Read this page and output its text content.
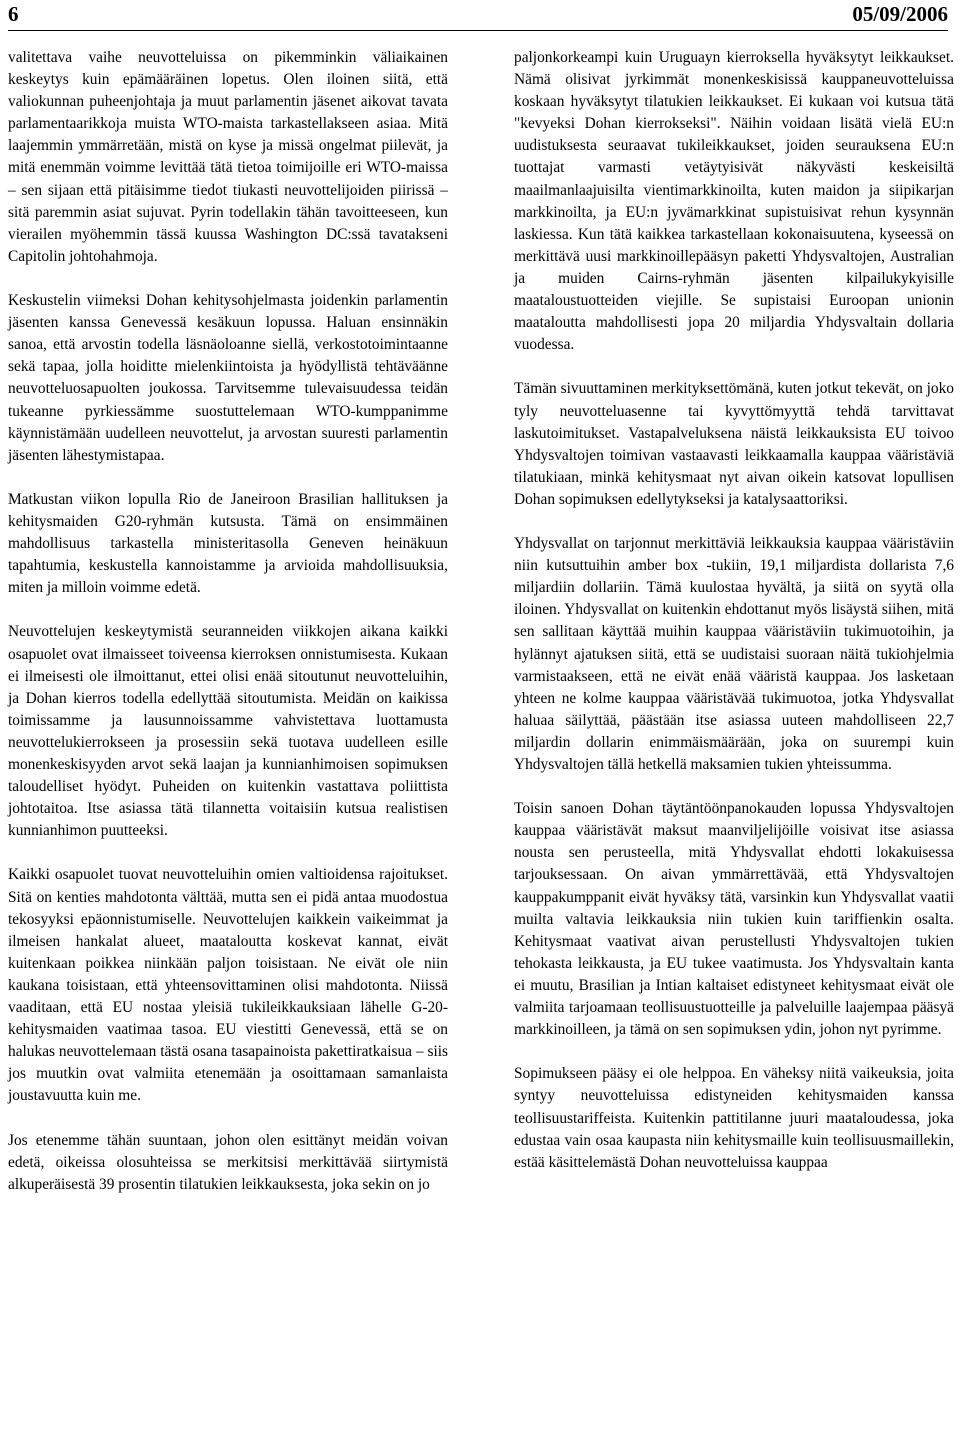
6	05/09/2006

valitettava vaihe neuvotteluissa on pikemminkin väliaikainen keskeytys kuin epämääräinen lopetus. Olen iloinen siitä, että valiokunnan puheenjohtaja ja muut parlamentin jäsenet aikovat tavata parlamentaarikkoja muista WTO-maista tarkastellakseen asiaa. Mitä laajemmin ymmärretään, mistä on kyse ja missä ongelmat piilevät, ja mitä enemmän voimme levittää tätä tietoa toimijoille eri WTO-maissa – sen sijaan että pitäisimme tiedot tiukasti neuvottelijoiden piirissä – sitä paremmin asiat sujuvat. Pyrin todellakin tähän tavoitteeseen, kun vierailen myöhemmin tässä kuussa Washington DC:ssä tavatakseni Capitolin johtohahmoja.

Keskustelin viimeksi Dohan kehitysohjelmasta joidenkin parlamentin jäsenten kanssa Genevessä kesäkuun lopussa. Haluan ensinnäkin sanoa, että arvostin todella läsnäoloanne siellä, verkostotoimintaanne sekä tapaa, jolla hoiditte mielenkiintoista ja hyödyllistä tehtäväänne neuvotteluosapuolten joukossa. Tarvitsemme tulevaisuudessa teidän tukeanne pyrkiessämme suostuttelemaan WTO-kumppanimme käynnistämään uudelleen neuvottelut, ja arvostan suuresti parlamentin jäsenten lähestymistapaa.

Matkustan viikon lopulla Rio de Janeiroon Brasilian hallituksen ja kehitysmaiden G20-ryhmän kutsusta. Tämä on ensimmäinen mahdollisuus tarkastella ministeritasolla Geneven heinäkuun tapahtumia, keskustella kannoistamme ja arvioida mahdollisuuksia, miten ja milloin voimme edetä.

Neuvottelujen keskeytymistä seuranneiden viikkojen aikana kaikki osapuolet ovat ilmaisseet toiveensa kierroksen onnistumisesta. Kukaan ei ilmeisesti ole ilmoittanut, ettei olisi enää sitoutunut neuvotteluihin, ja Dohan kierros todella edellyttää sitoutumista. Meidän on kaikissa toimissamme ja lausunnoissamme vahvistettava luottamusta neuvottelukierrokseen ja prosessiin sekä tuotava uudelleen esille monenkeskisyyden arvot sekä laajan ja kunnianhimoisen sopimuksen taloudelliset hyödyt. Puheiden on kuitenkin vastattava poliittista johtotaitoa. Itse asiassa tätä tilannetta voitaisiin kutsua realistisen kunnianhimon puutteeksi.

Kaikki osapuolet tuovat neuvotteluihin omien valtioidensa rajoitukset. Sitä on kenties mahdotonta välttää, mutta sen ei pidä antaa muodostua tekosyyksi epäonnistumiselle. Neuvottelujen kaikkein vaikeimmat ja ilmeisen hankalat alueet, maataloutta koskevat kannat, eivät kuitenkaan poikkea niinkään paljon toisistaan. Ne eivät ole niin kaukana toisistaan, että yhteensovittaminen olisi mahdotonta. Niissä vaaditaan, että EU nostaa yleisiä tukileikkauksiaan lähelle G-20-kehitysmaiden vaatimaa tasoa. EU viestitti Genevessä, että se on halukas neuvottelemaan tästä osana tasapainoista pakettiratkaisua – siis jos muutkin ovat valmiita etenemään ja osoittamaan samanlaista joustavuutta kuin me.

Jos etenemme tähän suuntaan, johon olen esittänyt meidän voivan edetä, oikeissa olosuhteissa se merkitsisi merkittävää siirtymistä alkuperäisestä 39 prosentin tilatukien leikkauksesta, joka sekin on jo

paljonkorkeampi kuin Uruguayn kierroksella hyväksytyt leikkaukset. Nämä olisivat jyrkimmät monenkeskisissä kauppaneuvotteluissa koskaan hyväksytyt tilatukien leikkaukset. Ei kukaan voi kutsua tätä "kevyeksi Dohan kierrokseksi". Näihin voidaan lisätä vielä EU:n uudistuksesta seuraavat tukileikkaukset, joiden seurauksena EU:n tuottajat varmasti vetäytyisivät näkyvästi keskeisiltä maailmanlaajuisilta vientimarkkinoilta, kuten maidon ja siipikarjan markkinoilta, ja EU:n jyvämarkkinat supistuisivat rehun kysynnän laskiessa. Kun tätä kaikkea tarkastellaan kokonaisuutena, kyseessä on merkittävä uusi markkinoillepääsyn paketti Yhdysvaltojen, Australian ja muiden Cairns-ryhmän jäsenten kilpailukykyisille maataloustuotteiden viejille. Se supistaisi Euroopan unionin maataloutta mahdollisesti jopa 20 miljardia Yhdysvaltain dollaria vuodessa.

Tämän sivuuttaminen merkityksettömänä, kuten jotkut tekevät, on joko tyly neuvotteluasenne tai kyvyttömyyttä tehdä tarvittavat laskutoimitukset. Vastapalveluksena näistä leikkauksista EU toivoo Yhdysvaltojen toimivan vastaavasti leikkaamalla kauppaa vääristäviä tilatukiaan, minkä kehitysmaat nyt aivan oikein katsovat lopullisen Dohan sopimuksen edellytykseksi ja katalysaattoriksi.

Yhdysvallat on tarjonnut merkittäviä leikkauksia kauppaa vääristäviin niin kutsuttuihin amber box -tukiin, 19,1 miljardista dollarista 7,6 miljardiin dollariin. Tämä kuulostaa hyvältä, ja siitä on syytä olla iloinen. Yhdysvallat on kuitenkin ehdottanut myös lisäystä siihen, mitä sen sallitaan käyttää muihin kauppaa vääristäviin tukimuotoihin, ja hylännyt ajatuksen siitä, että se uudistaisi suoraan näitä tukiohjelmia varmistaakseen, että ne eivät enää vääristä kauppaa. Jos lasketaan yhteen ne kolme kauppaa vääristävää tukimuotoa, jotka Yhdysvallat haluaa säilyttää, päästään itse asiassa uuteen mahdolliseen 22,7 miljardin dollarin enimmäismäärään, joka on suurempi kuin Yhdysvaltojen tällä hetkellä maksamien tukien yhteissumma.

Toisin sanoen Dohan täytäntöönpanokauden lopussa Yhdysvaltojen kauppaa vääristävät maksut maanviljelijöille voisivat itse asiassa nousta sen perusteella, mitä Yhdysvallat ehdotti lokakuisessa tarjouksessaan. On aivan ymmärrettävää, että Yhdysvaltojen kauppakumppanit eivät hyväksy tätä, varsinkin kun Yhdysvallat vaatii muilta valtavia leikkauksia niin tukien kuin tariffienkin osalta. Kehitysmaat vaativat aivan perustellusti Yhdysvaltojen tukien tehokasta leikkausta, ja EU tukee vaatimusta. Jos Yhdysvaltain kanta ei muutu, Brasilian ja Intian kaltaiset edistyneet kehitysmaat eivät ole valmiita tarjoamaan teollisuustuotteille ja palveluille laajempaa pääsyä markkinoilleen, ja tämä on sen sopimuksen ydin, johon nyt pyrimme.

Sopimukseen pääsy ei ole helppoa. En väheksy niitä vaikeuksia, joita syntyy neuvotteluissa edistyneiden kehitysmaiden kanssa teollisuustariffeista. Kuitenkin pattitilanne juuri maataloudessa, joka edustaa vain osaa kaupasta niin kehitysmaille kuin teollisuusmaillekin, estää käsittelemästä Dohan neuvotteluissa kauppaa
